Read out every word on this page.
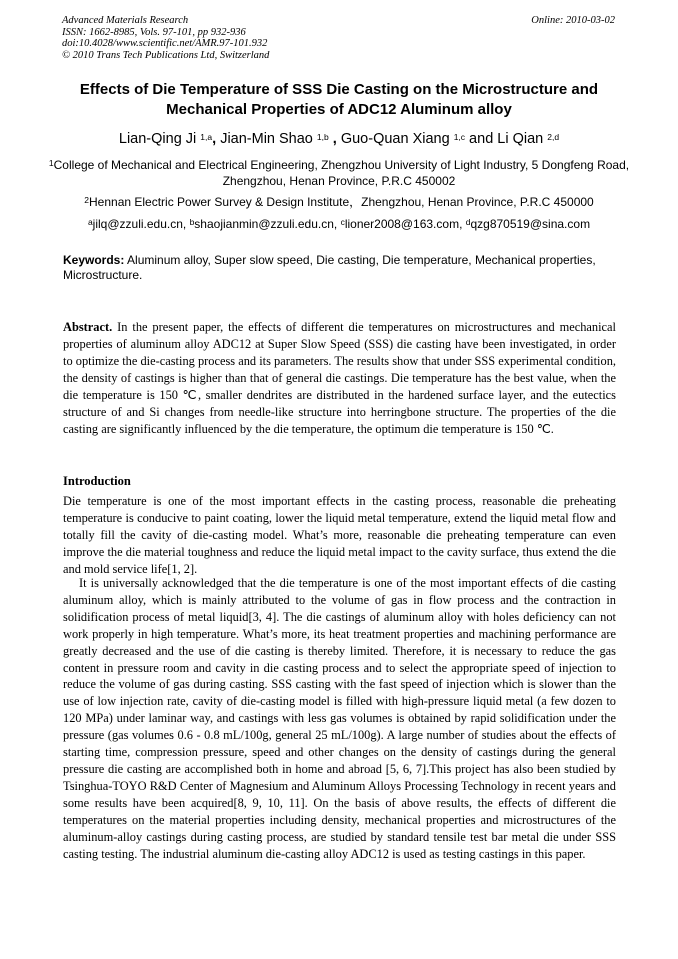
Advanced Materials Research
ISSN: 1662-8985, Vols. 97-101, pp 932-936
doi:10.4028/www.scientific.net/AMR.97-101.932
© 2010 Trans Tech Publications Ltd, Switzerland
Online: 2010-03-02
Effects of Die Temperature of SSS Die Casting on the Microstructure and Mechanical Properties of ADC12 Aluminum alloy
Lian-Qing Ji $^{1,a}$, Jian-Min Shao $^{1,b}$ , Guo-Quan Xiang $^{1,c}$ and Li Qian $^{2,d}$
$^1$College of Mechanical and Electrical Engineering, Zhengzhou University of Light Industry, 5 Dongfeng Road, Zhengzhou, Henan Province, P.R.C 450002
$^2$Hennan Electric Power Survey & Design Institute，Zhengzhou, Henan Province, P.R.C 450000
$^a$jilq@zzuli.edu.cn, $^b$shaojianmin@zzuli.edu.cn, $^c$lioner2008@163.com, $^d$qzg870519@sina.com
Keywords: Aluminum alloy, Super slow speed, Die casting, Die temperature, Mechanical properties, Microstructure.
Abstract. In the present paper, the effects of different die temperatures on microstructures and mechanical properties of aluminum alloy ADC12 at Super Slow Speed (SSS) die casting have been investigated, in order to optimize the die-casting process and its parameters. The results show that under SSS experimental condition, the density of castings is higher than that of general die castings. Die temperature has the best value, when the die temperature is 150 ℃, smaller dendrites are distributed in the hardened surface layer, and the eutectics structure of and Si changes from needle-like structure into herringbone structure. The properties of the die casting are significantly influenced by the die temperature, the optimum die temperature is 150 ℃.
Introduction

Die temperature is one of the most important effects in the casting process, reasonable die preheating temperature is conducive to paint coating, lower the liquid metal temperature, extend the liquid metal flow and totally fill the cavity of die-casting model. What’s more, reasonable die preheating temperature can even improve the die material toughness and reduce the liquid metal impact to the cavity surface, thus extend the die and mold service life[1, 2].

It is universally acknowledged that the die temperature is one of the most important effects of die casting aluminum alloy, which is mainly attributed to the volume of gas in flow process and the contraction in solidification process of metal liquid[3, 4]. The die castings of aluminum alloy with holes deficiency can not work properly in high temperature. What’s more, its heat treatment properties and machining performance are greatly decreased and the use of die casting is thereby limited. Therefore, it is necessary to reduce the gas content in pressure room and cavity in die casting process and to select the appropriate speed of injection to reduce the volume of gas during casting. SSS casting with the fast speed of injection which is slower than the use of low injection rate, cavity of die-casting model is filled with high-pressure liquid metal (a few dozen to 120 MPa) under laminar way, and castings with less gas volumes is obtained by rapid solidification under the pressure (gas volumes 0.6 - 0.8 mL/100g, general 25 mL/100g). A large number of studies about the effects of starting time, compression pressure, speed and other changes on the density of castings during the general pressure die casting are accomplished both in home and abroad [5, 6, 7].This project has also been studied by Tsinghua-TOYO R&D Center of Magnesium and Aluminum Alloys Processing Technology in recent years and some results have been acquired[8, 9, 10, 11]. On the basis of above results, the effects of different die temperatures on the material properties including density, mechanical properties and microstructures of the aluminum-alloy castings during casting process, are studied by standard tensile test bar metal die under SSS casting testing. The industrial aluminum die-casting alloy ADC12 is used as testing castings in this paper.
